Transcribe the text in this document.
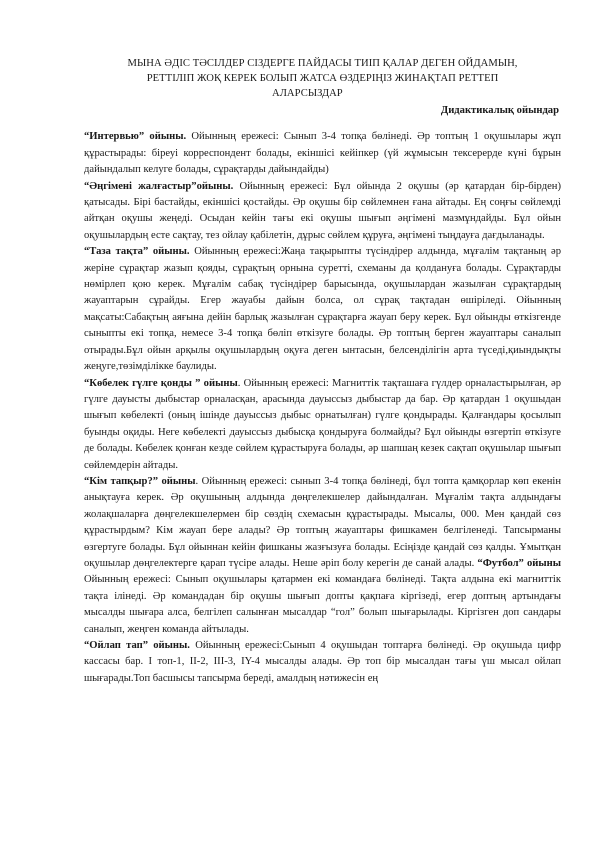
МЫНА ӘДІС ТӘСІЛДЕР СІЗДЕРГЕ ПАЙДАСЫ ТИІП ҚАЛАР ДЕГЕН ОЙДАМЫН,
РЕТТІЛІП ЖОҚ КЕРЕК БОЛЫП ЖАТСА ӨЗДЕРІҢІЗ ЖИНАҚТАП РЕТТЕП
АЛАРСЫЗДАР
Дидактикалық ойындар

“Интервью” ойыны. Ойынның ережесі: Сынып 3-4 топқа бөлінеді. Әр топтың 1 оқушылары жұп құрастырады: біреуі корреспондент болады, екіншісі кейіпкер (үй жұмысын тексерерде күні бұрын дайындалып келуге болады, сұрақтарды дайындайды)

“Әңгімені жалғастыр”ойыны. Ойынның ережесі: Бұл ойында 2 оқушы (әр қатардан бір-бірден) қатысады. Бірі бастайды, екіншісі қостайды. Әр оқушы бір сөйлемнен ғана айтады. Ең соңғы сөйлемді айтқан оқушы жеңеді. Осыдан кейін тағы екі оқушы шығып әңгімені мазмұндайды. Бұл ойын оқушылардың есте сақтау, тез ойлау қабілетін, дұрыс сөйлем құруға, әңгімені тыңдауға дағдыланады.

“Таза тақта” ойыны. Ойынның ережесі:Жаңа тақырыпты түсіндірер алдында, мұғалім тақтаның әр жеріне сұрақтар жазып қояды, сұрақтың орнына суретті, схеманы да қолдануға болады. Сұрақтарды нөмірлеп қою керек. Мұғалім сабақ түсіндірер барысында, оқушылардан жазылған сұрақтардың жауаптарын сұрайды. Егер жауабы дайын болса, ол сұрақ тақтадан өшіріледі. Ойынның мақсаты:Сабақтың аяғына дейін барлық жазылған сұрақтарға жауап беру керек. Бұл ойынды өткізгенде сыныпты екі топқа, немесе 3-4 топқа бөліп өткізуге болады. Әр топтың берген жауаптары саналып отырады.Бұл ойын арқылы оқушылардың оқуға деген ынтасын, белсенділігін арта түседі,қиындықты жеңуге,төзімділікке баулиды.

“Көбелек гүлге қонды ” ойыны. Ойынның ережесі: Магниттік тақташаға гүлдер орналастырылған, әр гүлге дауысты дыбыстар орналасқан, арасында дауыссыз дыбыстар да бар. Әр қатардан 1 оқушыдан шығып көбелекті (оның ішінде дауыссыз дыбыс орнатылған) гүлге қондырады. Қалғандары қосылып буынды оқиды. Неге көбелекті дауыссыз дыбысқа қондыруға болмайды? Бұл ойынды өзгертіп өткізуге де болады. Көбелек қонған кезде сөйлем құрастыруға болады, әр шапшаң кезек сақтап оқушылар шығып сөйлемдерін айтады.

“Кім тапқыр?” ойыны. Ойынның ережесі: сынып 3-4 топқа бөлінеді, бұл топта қамқорлар көп екенін анықтауға керек. Әр оқушының алдында дөңгелекшелер дайындалған. Мұғалім тақта алдындағы жолақшаларға дөңгелекшелермен бір сөздің схемасын құрастырады. Мысалы, 000. Мен қандай сөз құрастырдым? Кім жауап бере алады? Әр топтың жауаптары фишкамен белгіленеді. Тапсырманы өзгертуге болады. Бұл ойыннан кейін фишканы жазғызуға болады. Есіңізде қандай сөз қалды. Ұмытқан оқушылар дөңгелектерге қарап түсіре алады. Неше әріп болу керегін де санай алады. “Футбол” ойыны Ойынның ережесі: Сынып оқушылары қатармен екі командаға бөлінеді. Тақта алдына екі магниттік тақта ілінеді. Әр командадан бір оқушы шығып допты қақпаға кіргізеді, егер доптың артындағы мысалды шығара алса, белгілеп салынған мысалдар “гол” болып шығарылады. Кіргізген доп сандары саналып, жеңген команда айтылады.

“Ойлап тап” ойыны. Ойынның ережесі:Сынып 4 оқушыдан топтарға бөлінеді. Әр оқушыда цифр кассасы бар. I топ-1, II-2, III-3, IY-4 мысалды алады. Әр топ бір мысалдан тағы үш мысал ойлап шығарады.Топ басшысы тапсырма береді, амалдың нәтижесін ең
